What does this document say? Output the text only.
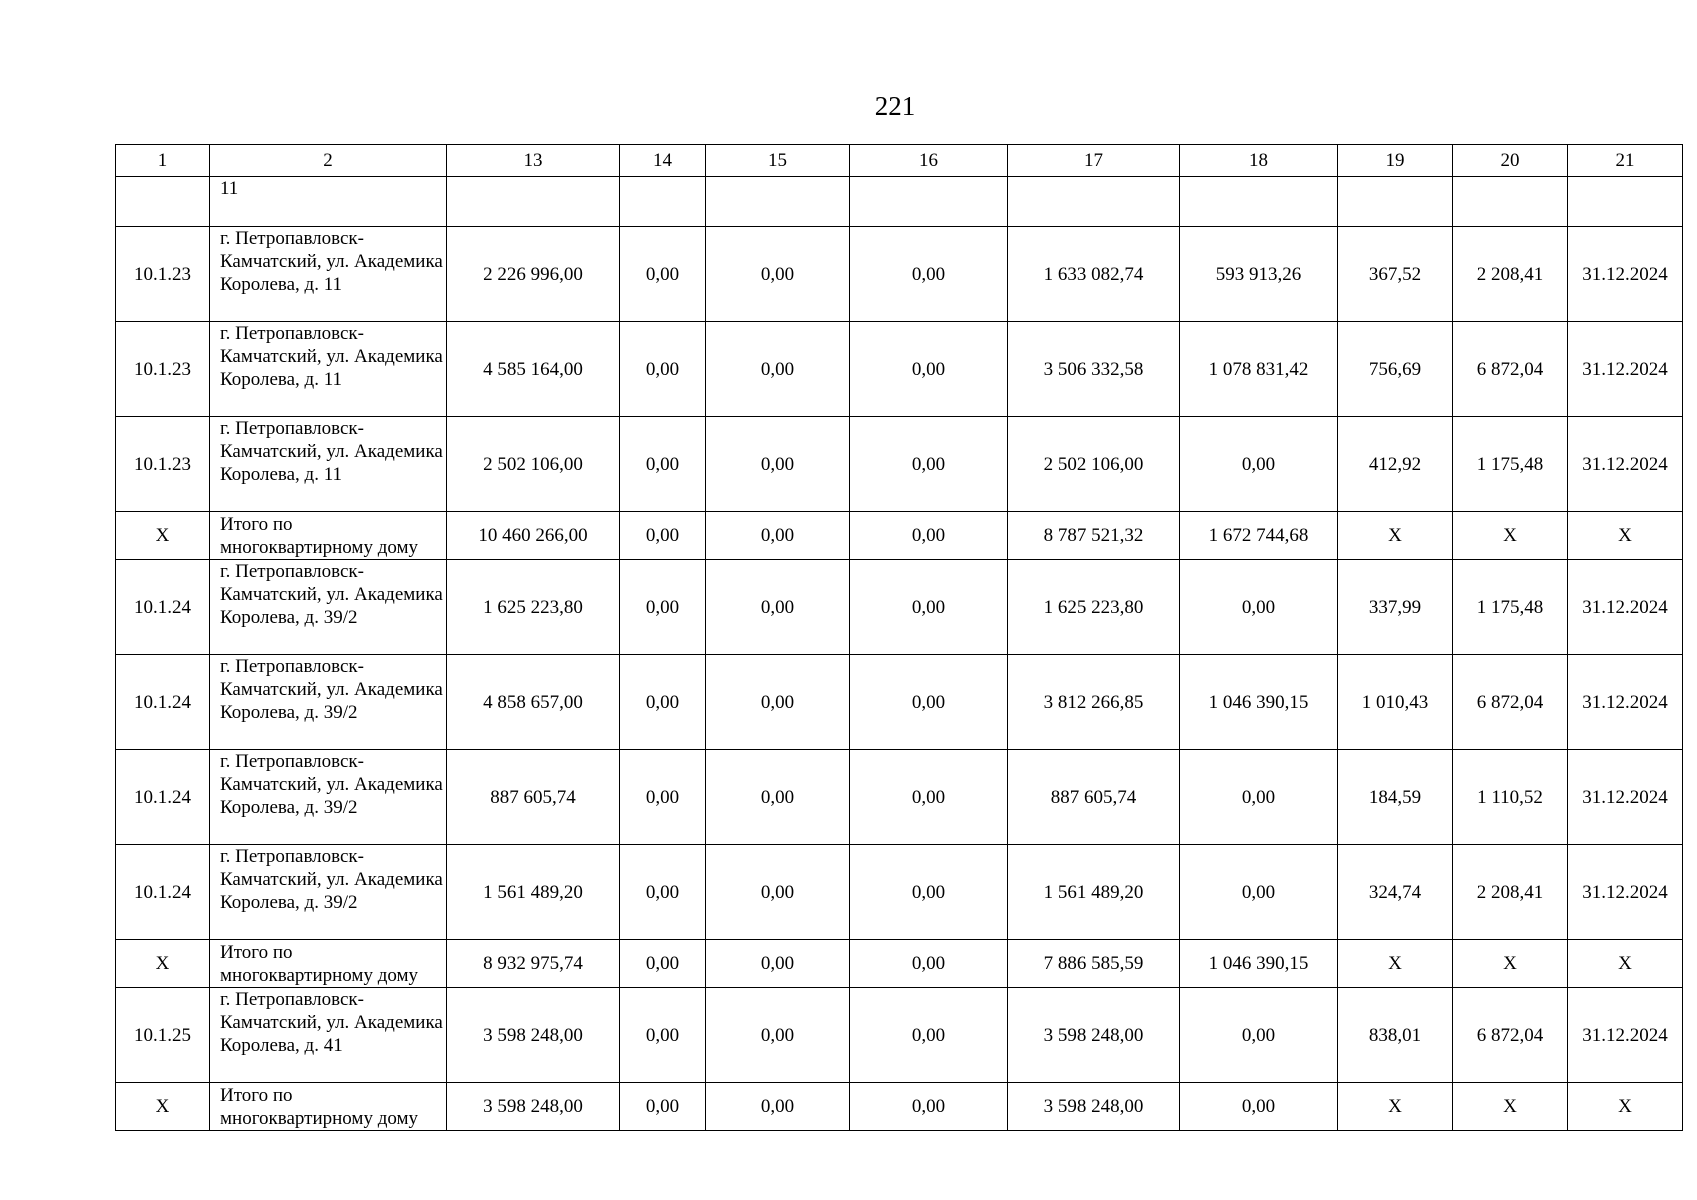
221
1	2	13	14	15	16	17	18	19	20	21
	11									
10.1.23	г. Петропавловск-Камчатский, ул. Академика Королева, д. 11	2 226 996,00	0,00	0,00	0,00	1 633 082,74	593 913,26	367,52	2 208,41	31.12.2024
10.1.23	г. Петропавловск-Камчатский, ул. Академика Королева, д. 11	4 585 164,00	0,00	0,00	0,00	3 506 332,58	1 078 831,42	756,69	6 872,04	31.12.2024
10.1.23	г. Петропавловск-Камчатский, ул. Академика Королева, д. 11	2 502 106,00	0,00	0,00	0,00	2 502 106,00	0,00	412,92	1 175,48	31.12.2024
Х	Итого по многоквартирному дому	10 460 266,00	0,00	0,00	0,00	8 787 521,32	1 672 744,68	Х	Х	Х
10.1.24	г. Петропавловск-Камчатский, ул. Академика Королева, д. 39/2	1 625 223,80	0,00	0,00	0,00	1 625 223,80	0,00	337,99	1 175,48	31.12.2024
10.1.24	г. Петропавловск-Камчатский, ул. Академика Королева, д. 39/2	4 858 657,00	0,00	0,00	0,00	3 812 266,85	1 046 390,15	1 010,43	6 872,04	31.12.2024
10.1.24	г. Петропавловск-Камчатский, ул. Академика Королева, д. 39/2	887 605,74	0,00	0,00	0,00	887 605,74	0,00	184,59	1 110,52	31.12.2024
10.1.24	г. Петропавловск-Камчатский, ул. Академика Королева, д. 39/2	1 561 489,20	0,00	0,00	0,00	1 561 489,20	0,00	324,74	2 208,41	31.12.2024
Х	Итого по многоквартирному дому	8 932 975,74	0,00	0,00	0,00	7 886 585,59	1 046 390,15	Х	Х	Х
10.1.25	г. Петропавловск-Камчатский, ул. Академика Королева, д. 41	3 598 248,00	0,00	0,00	0,00	3 598 248,00	0,00	838,01	6 872,04	31.12.2024
Х	Итого по многоквартирному дому	3 598 248,00	0,00	0,00	0,00	3 598 248,00	0,00	Х	Х	Х
